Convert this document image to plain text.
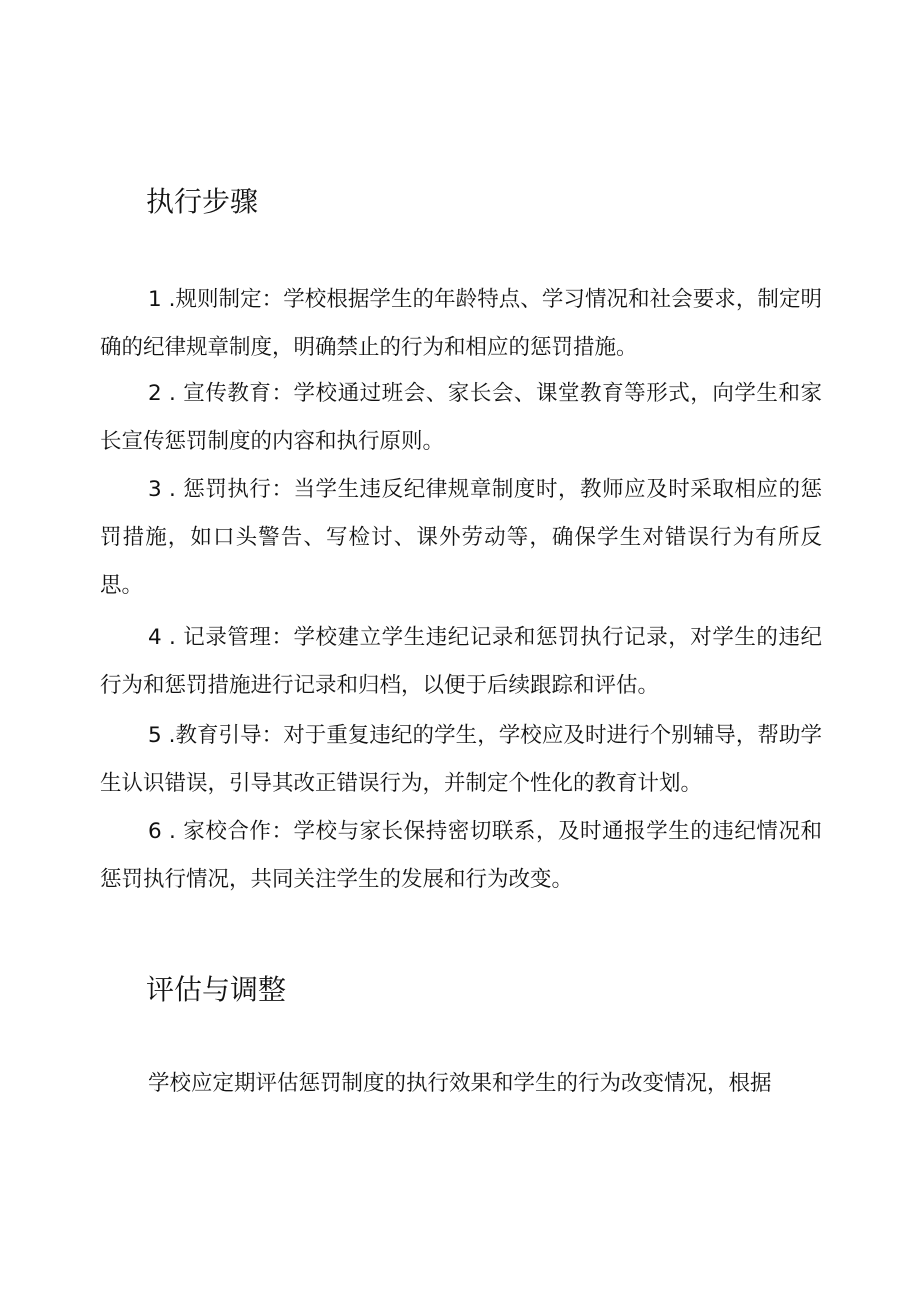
执行步骤

1 .规则制定：学校根据学生的年龄特点、学习情况和社会要求，制定明确的纪律规章制度，明确禁止的行为和相应的惩罚措施。

2 . 宣传教育：学校通过班会、家长会、课堂教育等形式，向学生和家长宣传惩罚制度的内容和执行原则。

3 . 惩罚执行：当学生违反纪律规章制度时，教师应及时采取相应的惩罚措施，如口头警告、写检讨、课外劳动等，确保学生对错误行为有所反思。

4 . 记录管理：学校建立学生违纪记录和惩罚执行记录，对学生的违纪行为和惩罚措施进行记录和归档，以便于后续跟踪和评估。

5 .教育引导：对于重复违纪的学生，学校应及时进行个别辅导，帮助学生认识错误，引导其改正错误行为，并制定个性化的教育计划。

6 . 家校合作：学校与家长保持密切联系，及时通报学生的违纪情况和惩罚执行情况，共同关注学生的发展和行为改变。

评估与调整

学校应定期评估惩罚制度的执行效果和学生的行为改变情况，根据
